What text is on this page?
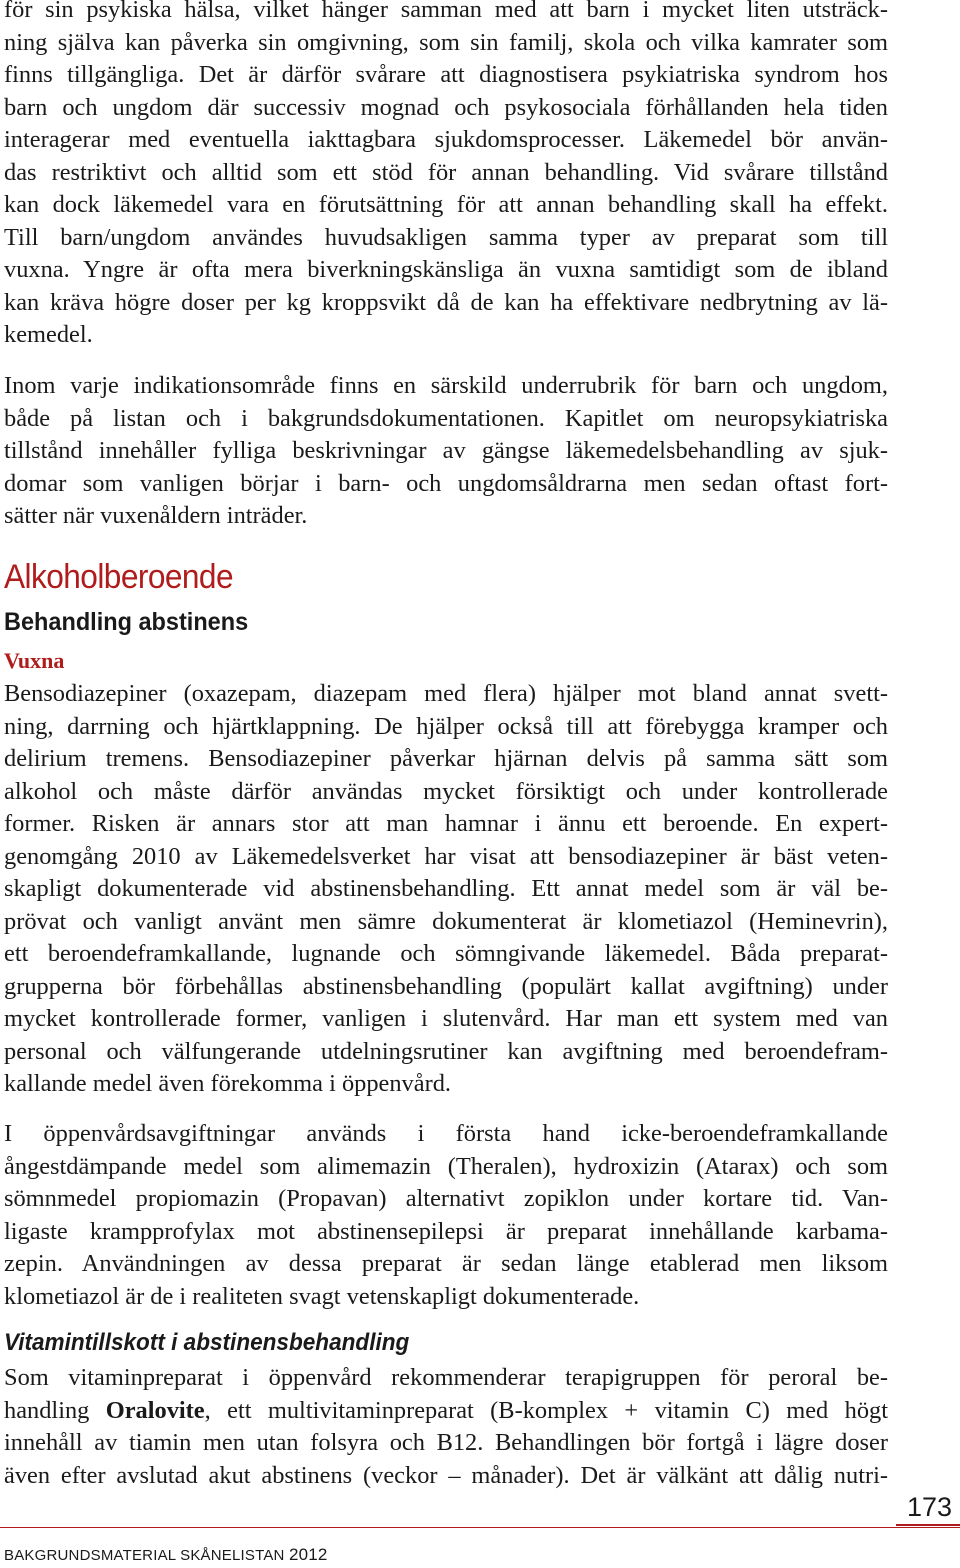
för sin psykiska hälsa, vilket hänger samman med att barn i mycket liten utsträck-
ning själva kan påverka sin omgivning, som sin familj, skola och vilka kamrater som
finns tillgängliga. Det är därför svårare att diagnostisera psykiatriska syndrom hos
barn och ungdom där successiv mognad och psykosociala förhållanden hela tiden
interagerar med eventuella iakttagbara sjukdomsprocesser. Läkemedel bör använ-
das restriktivt och alltid som ett stöd för annan behandling. Vid svårare tillstånd
kan dock läkemedel vara en förutsättning för att annan behandling skall ha effekt.
Till barn/ungdom användes huvudsakligen samma typer av preparat som till
vuxna. Yngre är ofta mera biverkningskänsliga än vuxna samtidigt som de ibland
kan kräva högre doser per kg kroppsvikt då de kan ha effektivare nedbrytning av lä-
kemedel.
Inom varje indikationsområde finns en särskild underrubrik för barn och ungdom,
både på listan och i bakgrundsdokumentationen. Kapitlet om neuropsykiatriska
tillstånd innehåller fylliga beskrivningar av gängse läkemedelsbehandling av sjuk-
domar som vanligen börjar i barn- och ungdomsåldrarna men sedan oftast fort-
sätter när vuxenåldern inträder.
Alkoholberoende
Behandling abstinens
Vuxna
Bensodiazepiner (oxazepam, diazepam med flera) hjälper mot bland annat svett-
ning, darrning och hjärtklappning. De hjälper också till att förebygga kramper och
delirium tremens. Bensodiazepiner påverkar hjärnan delvis på samma sätt som
alkohol och måste därför användas mycket försiktigt och under kontrollerade
former. Risken är annars stor att man hamnar i ännu ett beroende. En expert-
genomgång 2010 av Läkemedelsverket har visat att bensodiazepiner är bäst veten-
skapligt dokumenterade vid abstinensbehandling. Ett annat medel som är väl be-
prövat och vanligt använt men sämre dokumenterat är klometiazol (Heminevrin),
ett beroendeframkallande, lugnande och sömngivande läkemedel. Båda preparat-
grupperna bör förbehållas abstinensbehandling (populärt kallat avgiftning) under
mycket kontrollerade former, vanligen i slutenvård. Har man ett system med van
personal och välfungerande utdelningsrutiner kan avgiftning med beroendefram-
kallande medel även förekomma i öppenvård.
I öppenvårdsavgiftningar används i första hand icke-beroendeframkallande
ångestdämpande medel som alimemazin (Theralen), hydroxizin (Atarax) och som
sömnmedel propiomazin (Propavan) alternativt zopiklon under kortare tid. Van-
ligaste krampprofylax mot abstinensepilepsi är preparat innehållande karbama-
zepin. Användningen av dessa preparat är sedan länge etablerad men liksom
klometiazol är de i realiteten svagt vetenskapligt dokumenterade.
Vitamintillskott i abstinensbehandling
Som vitaminpreparat i öppenvård rekommenderar terapigruppen för peroral be-
handling Oralovite, ett multivitaminpreparat (B-komplex + vitamin C) med högt
innehåll av tiamin men utan folsyra och B12. Behandlingen bör fortgå i lägre doser
även efter avslutad akut abstinens (veckor – månader). Det är välkänt att dålig nutri-
173
BAKGRUNDSMATERIAL SKÅNELISTAN 2012
